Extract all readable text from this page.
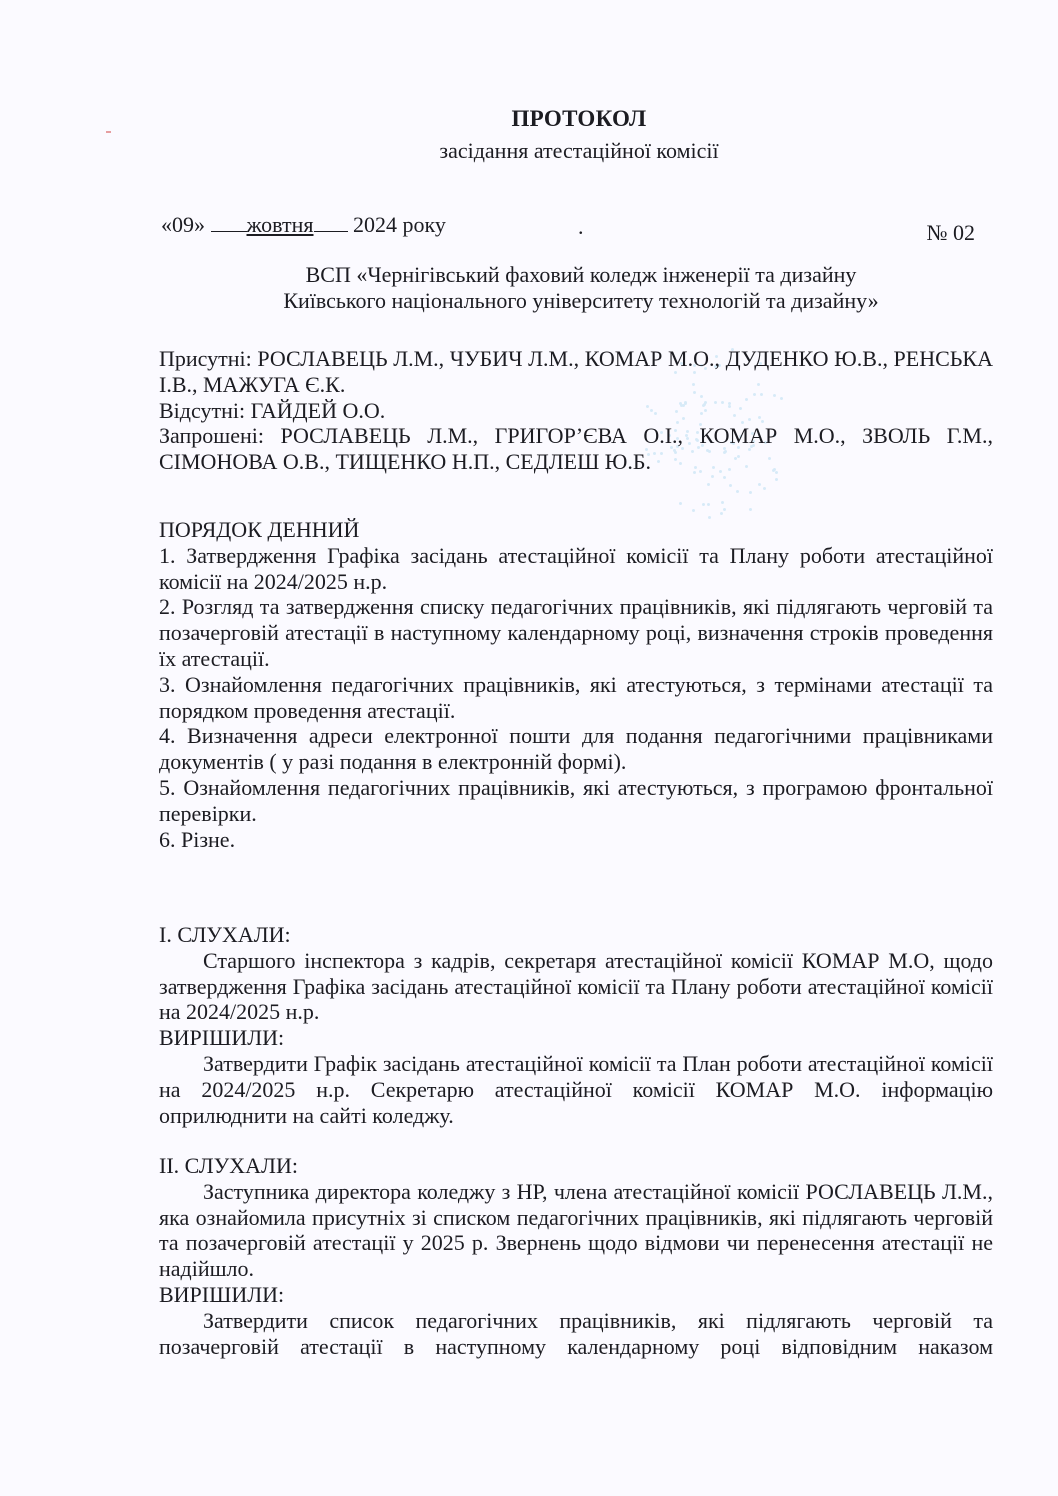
ПРОТОКОЛ
засідання атестаційної комісії
«09» жовтня 2024 року	.	№ 02
ВСП «Чернігівський фаховий коледж інженерії та дизайну
Київського національного університету технологій та дизайну»

Присутні: РОСЛАВЕЦЬ Л.М., ЧУБИЧ Л.М., КОМАР М.О., ДУДЕНКО Ю.В., РЕНСЬКА І.В., МАЖУГА Є.К.

Відсутні: ГАЙДЕЙ О.О.

Запрошені: РОСЛАВЕЦЬ Л.М., ГРИГОР’ЄВА О.І., КОМАР М.О., ЗВОЛЬ Г.М., СІМОНОВА О.В., ТИЩЕНКО Н.П., СЕДЛЕШ Ю.Б.

ПОРЯДОК ДЕННИЙ

1. Затвердження Графіка засідань атестаційної комісії та Плану роботи атестаційної комісії на 2024/2025 н.р.

2. Розгляд та затвердження списку педагогічних працівників, які підлягають черговій та позачерговій атестації в наступному календарному році, визначення строків проведення їх атестації.

3. Ознайомлення педагогічних працівників, які атестуються, з термінами атестації та порядком проведення атестації.

4. Визначення адреси електронної пошти для подання педагогічними працівниками документів ( у разі подання в електронній формі).

5. Ознайомлення педагогічних працівників, які атестуються, з програмою фронтальної перевірки.

6. Різне.

І. СЛУХАЛИ:

Старшого інспектора з кадрів, секретаря атестаційної комісії КОМАР М.О, щодо затвердження Графіка засідань атестаційної комісії та Плану роботи атестаційної комісії на 2024/2025 н.р.

ВИРІШИЛИ:

Затвердити Графік засідань атестаційної комісії та План роботи атестаційної комісії на 2024/2025 н.р. Секретарю атестаційної комісії КОМАР М.О. інформацію оприлюднити на сайті коледжу.

ІІ. СЛУХАЛИ:

Заступника директора коледжу з НР, члена атестаційної комісії РОСЛАВЕЦЬ Л.М., яка ознайомила присутніх зі списком педагогічних працівників, які підлягають черговій та позачерговій атестації у 2025 р. Звернень щодо відмови чи перенесення атестації не надійшло.

ВИРІШИЛИ:

Затвердити список педагогічних працівників, які підлягають черговій та позачерговій атестації в наступному календарному році відповідним наказом
